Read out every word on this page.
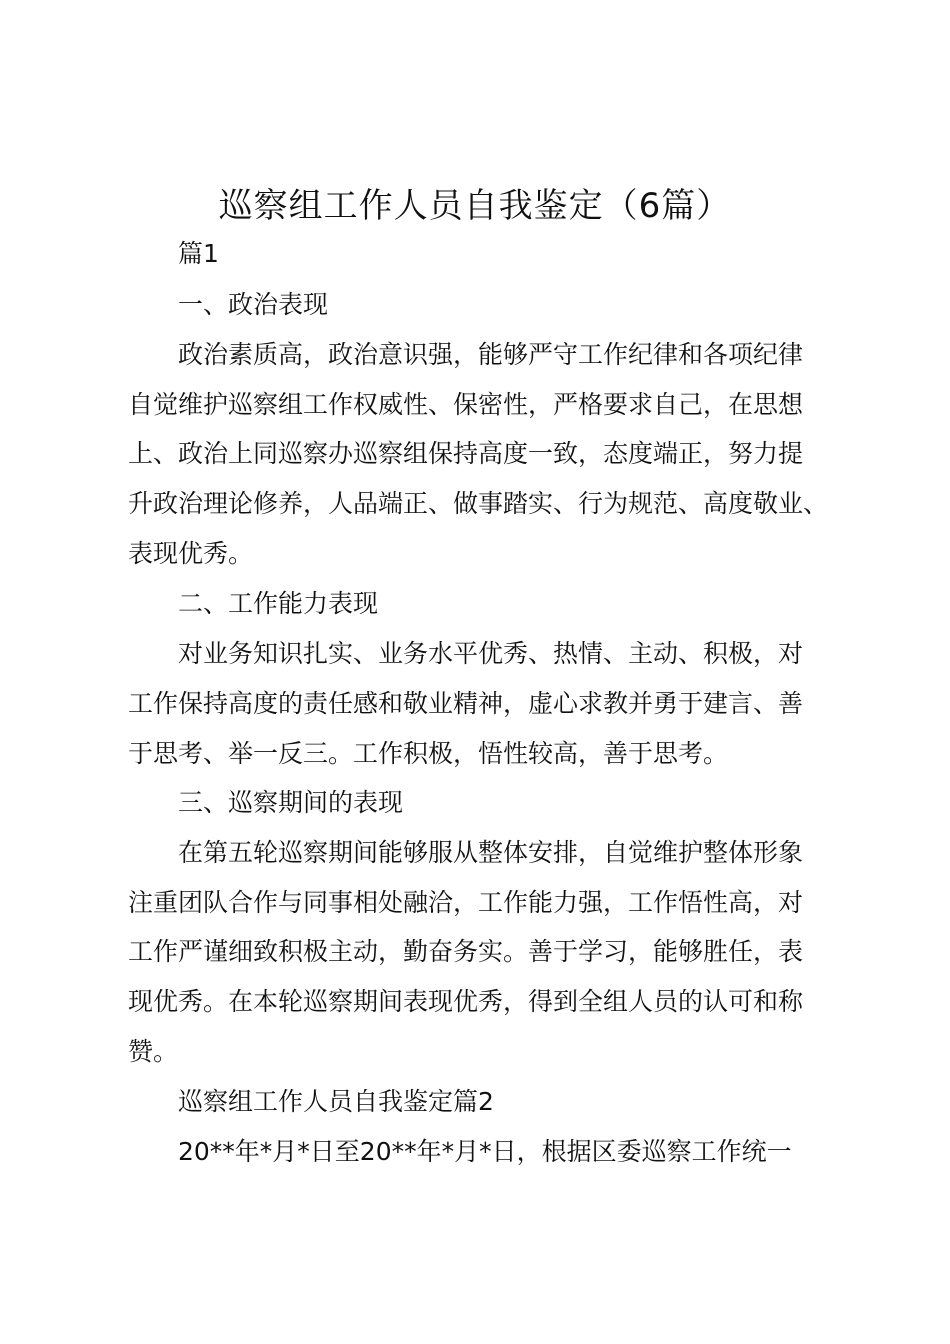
巡察组工作人员自我鉴定（6篇）
篇1
一、政治表现
政治素质高，政治意识强，能够严守工作纪律和各项纪律
自觉维护巡察组工作权威性、保密性，严格要求自己，在思想
上、政治上同巡察办巡察组保持高度一致，态度端正，努力提
升政治理论修养，人品端正、做事踏实、行为规范、高度敬业、
表现优秀。
二、工作能力表现
对业务知识扎实、业务水平优秀、热情、主动、积极，对
工作保持高度的责任感和敬业精神，虚心求教并勇于建言、善
于思考、举一反三。工作积极，悟性较高，善于思考。
三、巡察期间的表现
在第五轮巡察期间能够服从整体安排，自觉维护整体形象
注重团队合作与同事相处融洽，工作能力强，工作悟性高，对
工作严谨细致积极主动，勤奋务实。善于学习，能够胜任，表
现优秀。在本轮巡察期间表现优秀，得到全组人员的认可和称
赞。
巡察组工作人员自我鉴定篇2
20**年*月*日至20**年*月*日，根据区委巡察工作统一
